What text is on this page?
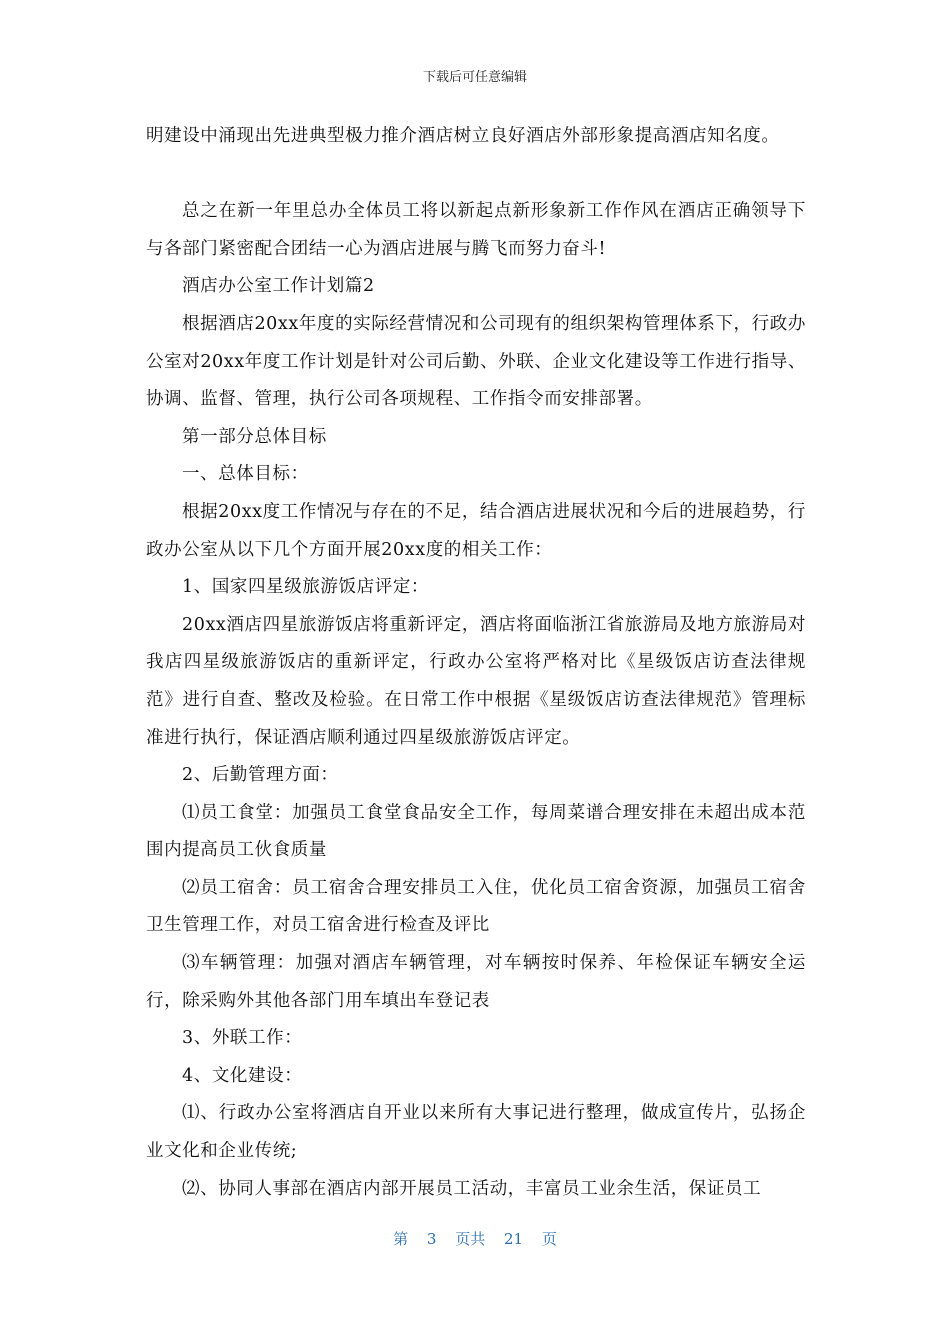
下载后可任意编辑

明建设中涌现出先进典型极力推介酒店树立良好酒店外部形象提高酒店知名度。

总之在新一年里总办全体员工将以新起点新形象新工作作风在酒店正确领导下与各部门紧密配合团结一心为酒店进展与腾飞而努力奋斗!

酒店办公室工作计划篇2

根据酒店20xx年度的实际经营情况和公司现有的组织架构管理体系下，行政办公室对20xx年度工作计划是针对公司后勤、外联、企业文化建设等工作进行指导、协调、监督、管理，执行公司各项规程、工作指令而安排部署。

第一部分总体目标

一、总体目标：

根据20xx度工作情况与存在的不足，结合酒店进展状况和今后的进展趋势，行政办公室从以下几个方面开展20xx度的相关工作：

1、国家四星级旅游饭店评定：

20xx酒店四星旅游饭店将重新评定，酒店将面临浙江省旅游局及地方旅游局对我店四星级旅游饭店的重新评定，行政办公室将严格对比《星级饭店访查法律规范》进行自查、整改及检验。在日常工作中根据《星级饭店访查法律规范》管理标准进行执行，保证酒店顺利通过四星级旅游饭店评定。

2、后勤管理方面：

⑴员工食堂：加强员工食堂食品安全工作，每周菜谱合理安排在未超出成本范围内提高员工伙食质量

⑵员工宿舍：员工宿舍合理安排员工入住，优化员工宿舍资源，加强员工宿舍卫生管理工作，对员工宿舍进行检查及评比

⑶车辆管理：加强对酒店车辆管理，对车辆按时保养、年检保证车辆安全运行，除采购外其他各部门用车填出车登记表

3、外联工作：

4、文化建设：

⑴、行政办公室将酒店自开业以来所有大事记进行整理，做成宣传片，弘扬企业文化和企业传统;

⑵、协同人事部在酒店内部开展员工活动，丰富员工业余生活，保证员工

第 3 页共 21 页
